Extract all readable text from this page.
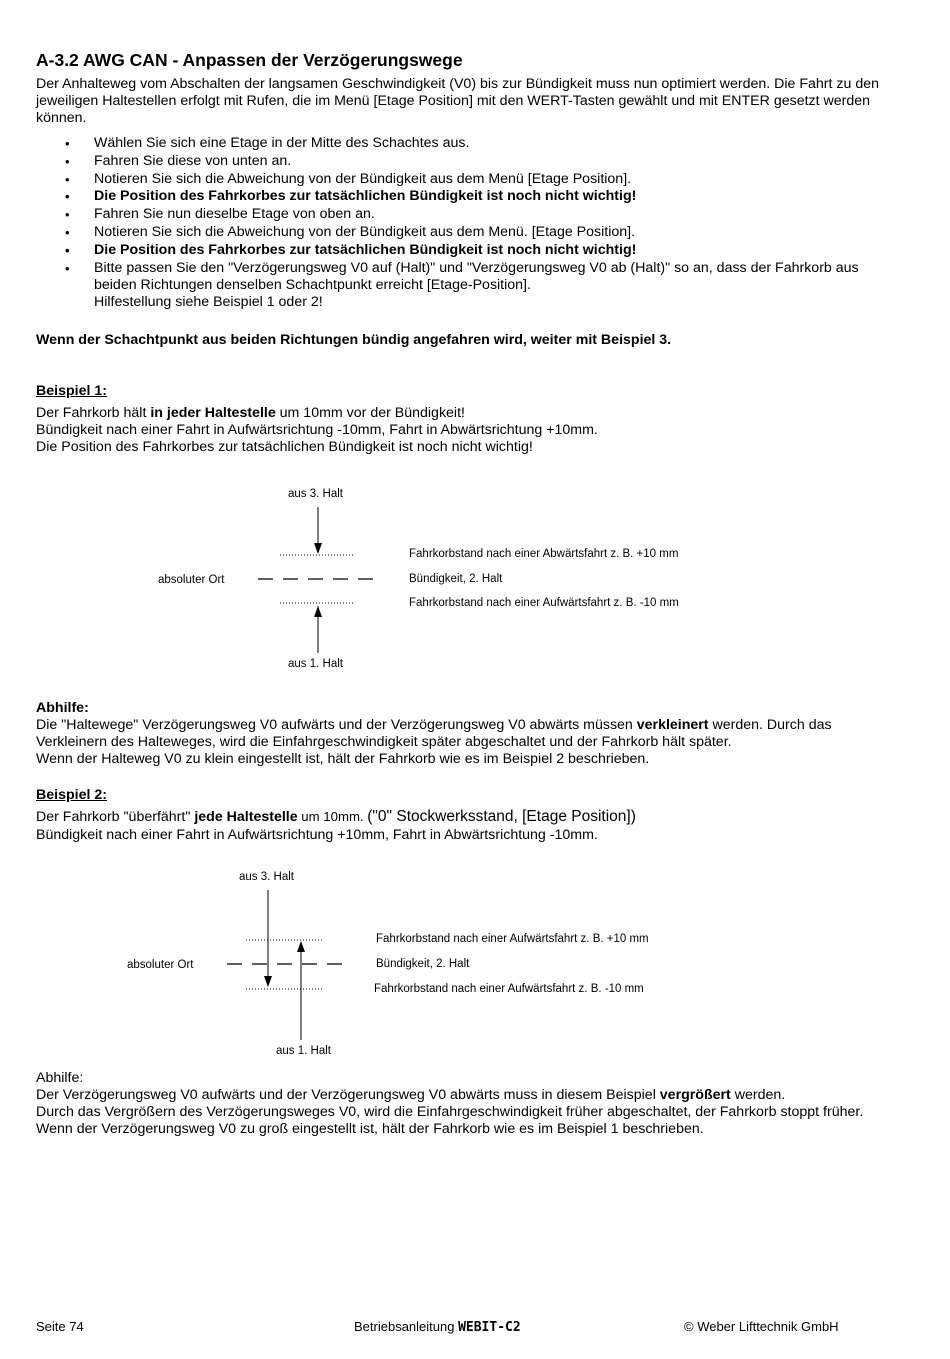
A-3.2 AWG CAN - Anpassen der Verzögerungswege

Der Anhalteweg vom Abschalten der langsamen Geschwindigkeit (V0) bis zur Bündigkeit muss nun optimiert werden. Die Fahrt zu den jeweiligen Haltestellen erfolgt mit Rufen, die im Menü [Etage Position] mit den WERT-Tasten gewählt und mit ENTER gesetzt werden können.

• Wählen Sie sich eine Etage in der Mitte des Schachtes aus.
• Fahren Sie diese von unten an.
• Notieren Sie sich die Abweichung von der Bündigkeit aus dem Menü [Etage Position].
• Die Position des Fahrkorbes zur tatsächlichen Bündigkeit ist noch nicht wichtig!
• Fahren Sie nun dieselbe Etage von oben an.
• Notieren Sie sich die Abweichung von der Bündigkeit aus dem Menü. [Etage Position].
• Die Position des Fahrkorbes zur tatsächlichen Bündigkeit ist noch nicht wichtig!
• Bitte passen Sie den "Verzögerungsweg V0 auf (Halt)" und "Verzögerungsweg V0 ab (Halt)" so an, dass der Fahrkorb aus beiden Richtungen denselben Schachtpunkt erreicht [Etage-Position].
Hilfestellung siehe Beispiel 1 oder 2!

Wenn der Schachtpunkt aus beiden Richtungen bündig angefahren wird, weiter mit Beispiel 3.

Beispiel 1:
Der Fahrkorb hält in jeder Haltestelle um 10mm vor der Bündigkeit!
Bündigkeit nach einer Fahrt in Aufwärtsrichtung -10mm, Fahrt in Abwärtsrichtung +10mm.
Die Position des Fahrkorbes zur tatsächlichen Bündigkeit ist noch nicht wichtig!
aus 3. Halt
absoluter Ort
Fahrkorbstand nach einer Abwärtsfahrt z. B. +10 mm
Bündigkeit, 2. Halt
Fahrkorbstand nach einer Aufwärtsfahrt z. B. -10 mm
aus 1. Halt
Abhilfe:
Die "Haltewege" Verzögerungsweg V0 aufwärts und der Verzögerungsweg V0 abwärts müssen verkleinert werden. Durch das Verkleinern des Halteweges, wird die Einfahrgeschwindigkeit später abgeschaltet und der Fahrkorb hält später.
Wenn der Halteweg V0 zu klein eingestellt ist, hält der Fahrkorb wie es im Beispiel 2 beschrieben.
Beispiel 2:
Der Fahrkorb "überfährt" jede Haltestelle um 10mm. ("0" Stockwerksstand, [Etage Position])
Bündigkeit nach einer Fahrt in Aufwärtsrichtung +10mm, Fahrt in Abwärtsrichtung -10mm.
aus 3. Halt
absoluter Ort
Fahrkorbstand nach einer Aufwärtsfahrt z. B. +10 mm
Bündigkeit, 2. Halt
Fahrkorbstand nach einer Aufwärtsfahrt z. B. -10 mm
aus 1. Halt
Abhilfe:
Der Verzögerungsweg V0 aufwärts und der Verzögerungsweg V0 abwärts muss in diesem Beispiel vergrößert werden.
Durch das Vergrößern des Verzögerungsweges V0, wird die Einfahrgeschwindigkeit früher abgeschaltet, der Fahrkorb stoppt früher. Wenn der Verzögerungsweg V0 zu groß eingestellt ist, hält der Fahrkorb wie es im Beispiel 1 beschrieben.
Seite 74	Betriebsanleitung WEBIT-C2	© Weber Lifttechnik GmbH
